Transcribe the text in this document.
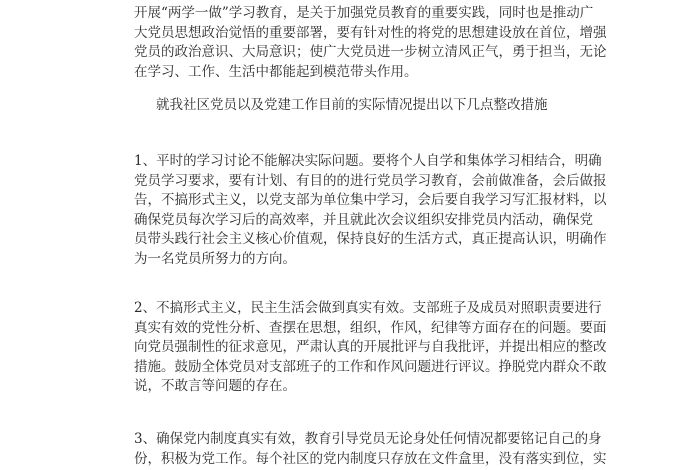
开展“两学一做”学习教育，是关于加强党员教育的重要实践，同时也是推动广
大党员思想政治觉悟的重要部署，要有针对性的将党的思想建设放在首位，增强
党员的政治意识、大局意识；使广大党员进一步树立清风正气，勇于担当，无论
在学习、工作、生活中都能起到模范带头作用。

就我社区党员以及党建工作目前的实际情况提出以下几点整改措施

1、平时的学习讨论不能解决实际问题。要将个人自学和集体学习相结合，明确
党员学习要求，要有计划、有目的的进行党员学习教育，会前做准备，会后做报
告，不搞形式主义，以党支部为单位集中学习，会后要自我学习写汇报材料，以
确保党员每次学习后的高效率，并且就此次会议组织安排党员内活动，确保党
员带头践行社会主义核心价值观，保持良好的生活方式，真正提高认识，明确作
为一名党员所努力的方向。

2、不搞形式主义，民主生活会做到真实有效。支部班子及成员对照职责要进行
真实有效的党性分析、查摆在思想，组织，作风，纪律等方面存在的问题。要面
向党员强制性的征求意见，严肃认真的开展批评与自我批评，并提出相应的整改
措施。鼓励全体党员对支部班子的工作和作风问题进行评议。挣脱党内群众不敢
说，不敢言等问题的存在。

3、确保党内制度真实有效，教育引导党员无论身处任何情况都要铭记自己的身
份，积极为党工作。每个社区的党内制度只存放在文件盒里，没有落实到位，实
